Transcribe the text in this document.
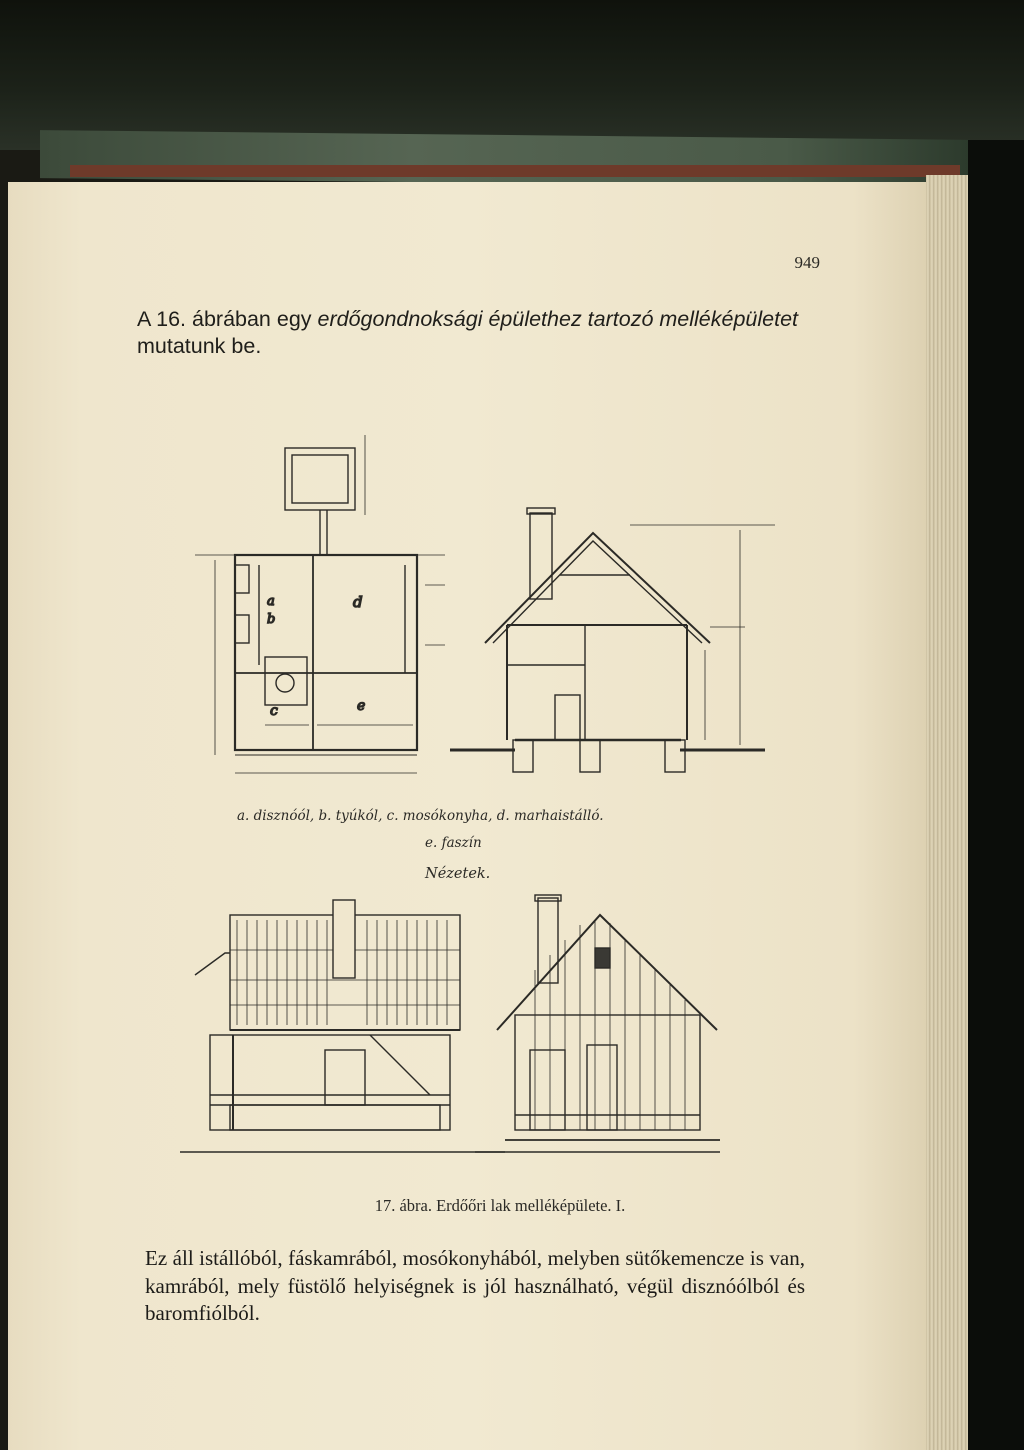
949
A 16. ábrában egy erdőgondnoksági épülethez tartozó melléképületet mutatunk be.
d
a
b
c	e
a. disznóól, b. tyúkól, c. mosókonyha, d. marhaistálló.
e. faszín
Nézetek.
17. ábra. Erdőőri lak melléképülete. I.
Ez áll istállóból, fáskamrából, mosókonyhából, melyben sütőkemencze is van, kamrából, mely füstölő helyiségnek is jól használható, végül disznóólból és baromfiólból.
